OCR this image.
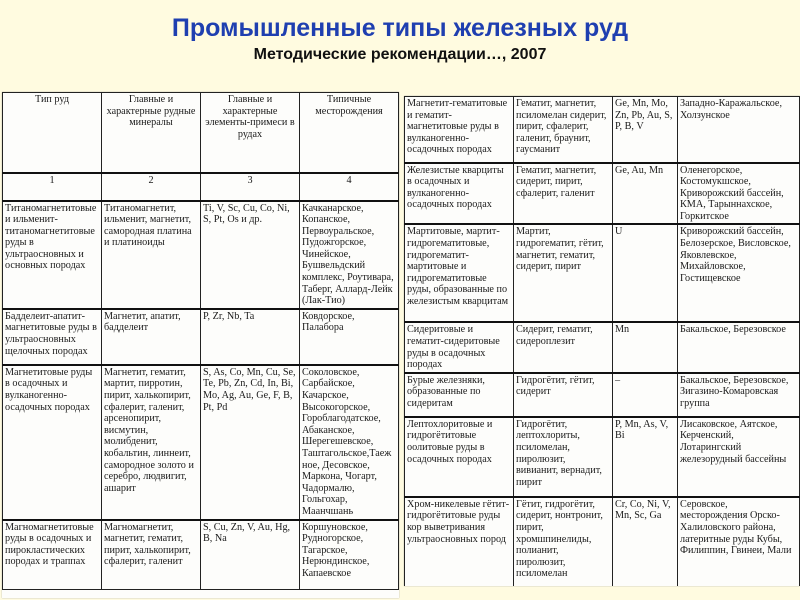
Промышленные типы железных руд
Методические рекомендации…, 2007
Тип руд	Главные и характерные рудные минералы	Главные и характерные элементы-примеси в рудах	Типичные месторождения
1	2	3	4
Титаномагнетитовые и ильменит-титаномагнетитовые руды в ультраосновных и основных породах	Титаномагнетит, ильменит, магнетит, самородная платина и платиноиды	Ti, V, Sc, Cu, Co, Ni, S, Pt, Os и др.	Качканарское, Копанское, Первоуральское, Пудожгорское, Чинейское, Бушвельдский комплекс, Роутивара, Таберг, Аллард-Лейк (Лак-Тио)
Бадделеит-апатит-магнетитовые руды в ультраосновных щелочных породах	Магнетит, апатит, бадделеит	P, Zr, Nb, Ta	Ковдорское, Палабора
Магнетитовые руды в осадочных и вулканогенно-осадочных породах	Магнетит, гематит, мартит, пирротин, пирит, халькопирит, сфалерит, галенит, арсенопирит, висмутин, молибденит, кобальтин, линнеит, самородное золото и серебро, людвигит, ашарит	S, As, Co, Mn, Cu, Se, Te, Pb, Zn, Cd, In, Bi, Mo, Ag, Au, Ge, F, B, Pt, Pd	Соколовское, Сарбайское, Качарское, Высокогорское, Гороблагодатское, Абаканское, Шерегешевское, Таштагольское,Таежное, Десовское, Маркона, Чогарт, Чадормалю, Гольгохар, Маанчшань
Магномагнетитовые руды в осадочных и пирокластических породах и траппах	Магномагнетит, магнетит, гематит, пирит, халькопирит, сфалерит, галенит	S, Cu, Zn, V, Au, Hg, B, Na	Коршуновское, Рудногорское, Тагарское, Нерюндинское, Капаевское
Магнетит-гематитовые и гематит-магнетитовые руды в вулканогенно-осадочных породах	Гематит, магнетит, псиломелан сидерит, пирит, сфалерит, галенит, браунит, гаусманит	Ge, Mn, Mo, Zn, Pb, Au, S, P, B, V	Западно-Каражальское, Холзунское
Железистые кварциты в осадочных и вулканогенно-осадочных породах	Гематит, магнетит, сидерит, пирит, сфалерит, галенит	Ge, Au, Mn	Оленегорское, Костомукшское, Криворожский бассейн, КМА, Тарыннахское, Горкитское
Мартитовые, мартит-гидрогематитовые, гидрогематит-мартитовые и гидрогематитовые руды, образованные по железистым кварцитам	Мартит, гидрогематит, гётит, магнетит, гематит, сидерит, пирит	U	Криворожский бассейн, Белозерское, Висловское, Яковлевское, Михайловское, Гостищевское
Сидеритовые и гематит-сидеритовые руды в осадочных породах	Сидерит, гематит, сидероплезит	Mn	Бакальское, Березовское
Бурые железняки, образованные по сидеритам	Гидрогётит, гётит, сидерит	–	Бакальское, Березовское, Зигазино-Комаровская группа
Лептохлоритовые и гидрогётитовые оолитовые руды в осадочных породах	Гидрогётит, лептохлориты, псиломелан, пиролюзит, вивианит, вернадит, пирит	P, Mn, As, V, Bi	Лисаковское, Аятское, Керченский, Лотарингский железорудный бассейны
Хром-никелевые гётит-гидрогётитовые руды кор выветривания ультраосновных пород	Гётит, гидрогётит, сидерит, нонтронит, пирит, хромшпинелиды, полианит, пиролюзит, псиломелан	Cr, Co, Ni, V, Mn, Sc, Ga	Серовское, месторождения Орско-Халиловского района, латеритные руды Кубы, Филиппин, Гвинеи, Мали
